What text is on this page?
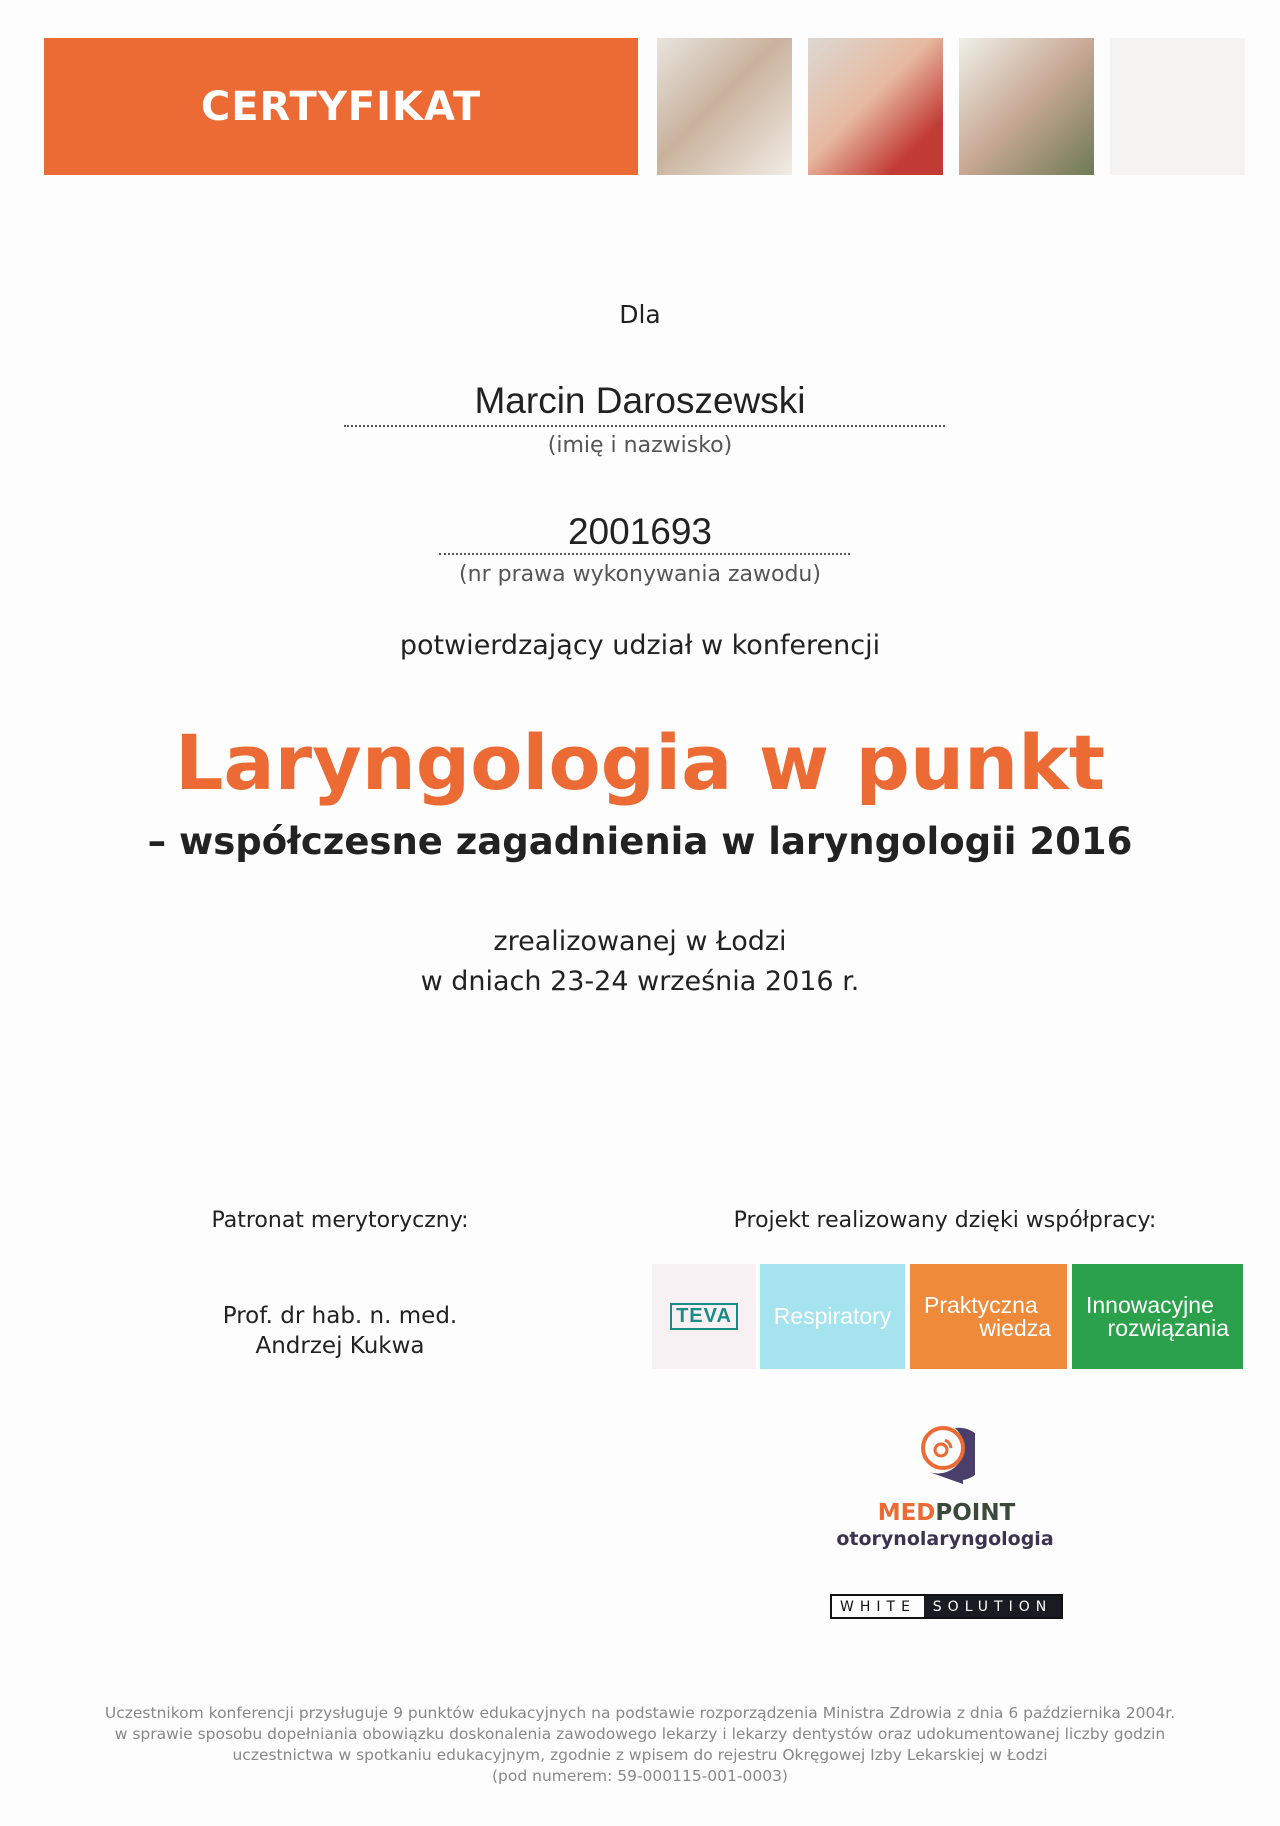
CERTYFIKAT
Dla
Marcin Daroszewski
(imię i nazwisko)
2001693
(nr prawa wykonywania zawodu)
potwierdzający udział w konferencji
Laryngologia w punkt
– współczesne zagadnienia w laryngologii 2016
zrealizowanej w Łodzi
w dniach 23-24 września 2016 r.
Patronat merytoryczny:
Prof. dr hab. n. med.
Andrzej Kukwa
Projekt realizowany dzięki współpracy:
TEVA Respiratory	Praktyczna
wiedza
Innowacyjne
rozwiązania
MEDPOINT
otorynolaryngologia
WHITE	SOLUTION
Uczestnikom konferencji przysługuje 9 punktów edukacyjnych na podstawie rozporządzenia Ministra Zdrowia z dnia 6 października 2004r.
w sprawie sposobu dopełniania obowiązku doskonalenia zawodowego lekarzy i lekarzy dentystów oraz udokumentowanej liczby godzin
uczestnictwa w spotkaniu edukacyjnym, zgodnie z wpisem do rejestru Okręgowej Izby Lekarskiej w Łodzi
(pod numerem: 59-000115-001-0003)
